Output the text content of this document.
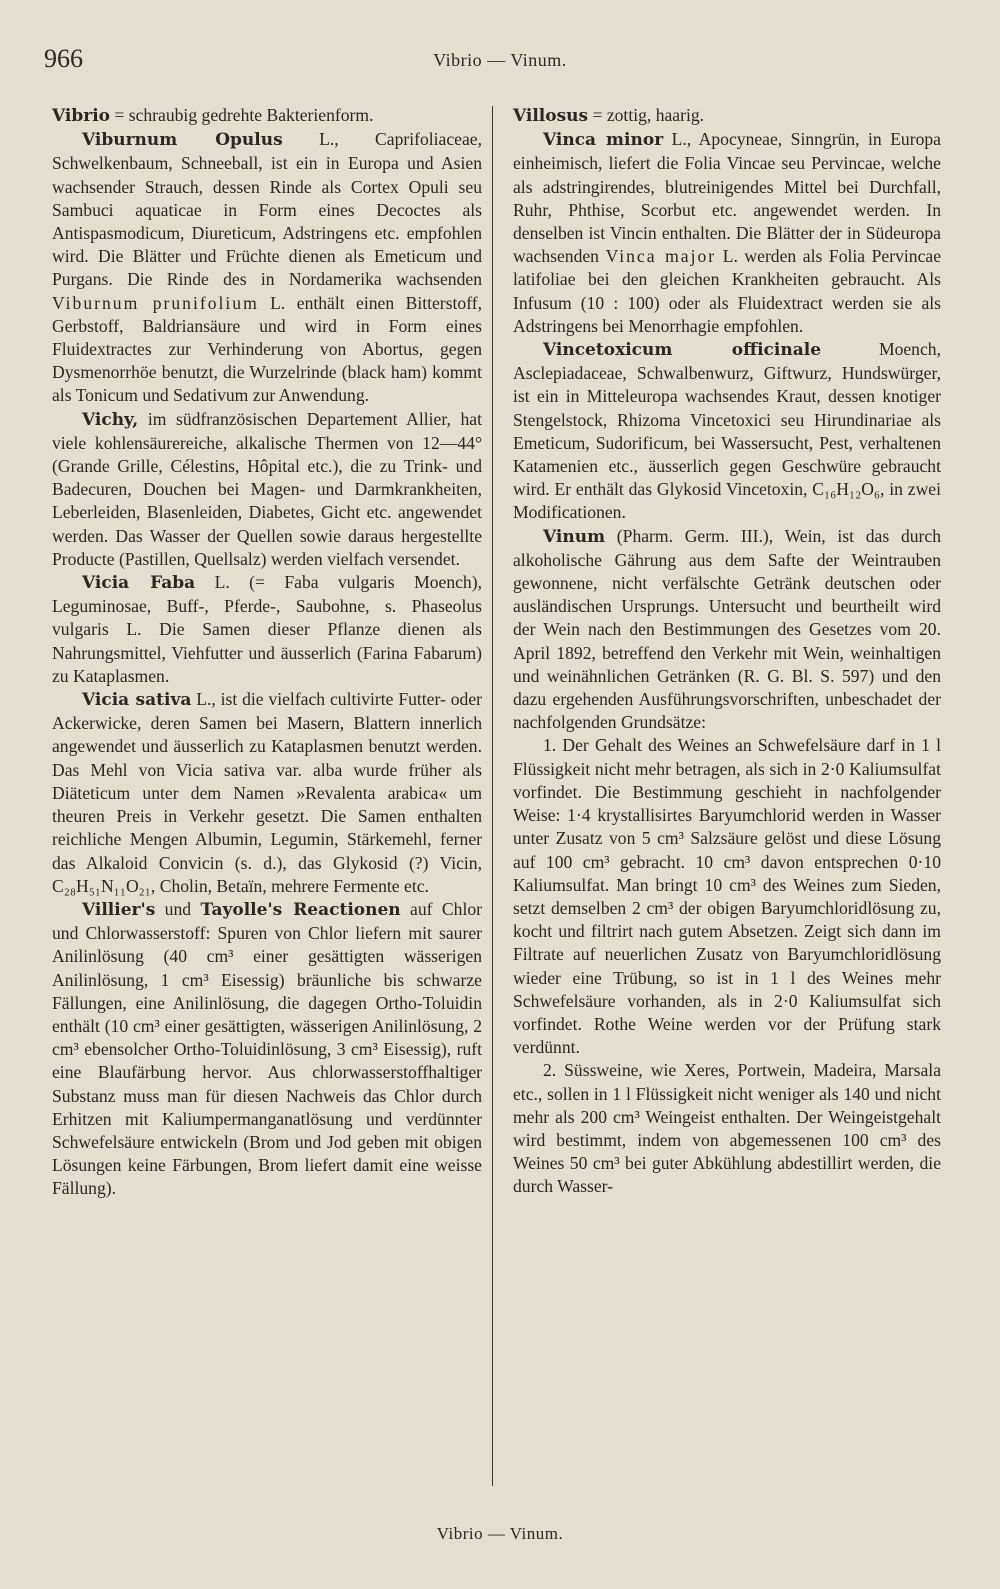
966	Vibrio — Vinum.

Vibrio = schraubig gedrehte Bakterienform.

Viburnum Opulus L., Caprifoliaceae, Schwelkenbaum, Schneeball, ist ein in Europa und Asien wachsender Strauch, dessen Rinde als Cortex Opuli seu Sambuci aquaticae in Form eines Decoctes als Antispasmodicum, Diureticum, Adstringens etc. empfohlen wird. Die Blätter und Früchte dienen als Emeticum und Purgans. Die Rinde des in Nordamerika wachsenden Viburnum prunifolium L. enthält einen Bitterstoff, Gerbstoff, Baldriansäure und wird in Form eines Fluidextractes zur Verhinderung von Abortus, gegen Dysmenorrhöe benutzt, die Wurzelrinde (black ham) kommt als Tonicum und Sedativum zur Anwendung.

Vichy, im südfranzösischen Departement Allier, hat viele kohlensäurereiche, alkalische Thermen von 12—44° (Grande Grille, Célestins, Hôpital etc.), die zu Trink- und Badecuren, Douchen bei Magen- und Darmkrankheiten, Leberleiden, Blasenleiden, Diabetes, Gicht etc. angewendet werden. Das Wasser der Quellen sowie daraus hergestellte Producte (Pastillen, Quellsalz) werden vielfach versendet.

Vicia Faba L. (= Faba vulgaris Moench), Leguminosae, Buff-, Pferde-, Saubohne, s. Phaseolus vulgaris L. Die Samen dieser Pflanze dienen als Nahrungsmittel, Viehfutter und äusserlich (Farina Fabarum) zu Kataplasmen.

Vicia sativa L., ist die vielfach cultivirte Futter- oder Ackerwicke, deren Samen bei Masern, Blattern innerlich angewendet und äusserlich zu Kataplasmen benutzt werden. Das Mehl von Vicia sativa var. alba wurde früher als Diäteticum unter dem Namen »Revalenta arabica« um theuren Preis in Verkehr gesetzt. Die Samen enthalten reichliche Mengen Albumin, Legumin, Stärkemehl, ferner das Alkaloid Convicin (s. d.), das Glykosid (?) Vicin, C₂₈H₅₁N₁₁O₂₁, Cholin, Betaïn, mehrere Fermente etc.

Villier's und Tayolle's Reactionen auf Chlor und Chlorwasserstoff: Spuren von Chlor liefern mit saurer Anilinlösung (40 cm³ einer gesättigten wässerigen Anilinlösung, 1 cm³ Eisessig) bräunliche bis schwarze Fällungen, eine Anilinlösung, die dagegen Ortho-Toluidin enthält (10 cm³ einer gesättigten, wässerigen Anilinlösung, 2 cm³ ebensolcher Ortho-Toluidinlösung, 3 cm³ Eisessig), ruft eine Blaufärbung hervor. Aus chlorwasserstoffhaltiger Substanz muss man für diesen Nachweis das Chlor durch Erhitzen mit Kaliumpermanganatlösung und verdünnter Schwefelsäure entwickeln (Brom und Jod geben mit obigen Lösungen keine Färbungen, Brom liefert damit eine weisse Fällung).

Villosus = zottig, haarig.

Vinca minor L., Apocyneae, Sinngrün, in Europa einheimisch, liefert die Folia Vincae seu Pervincae, welche als adstringirendes, blutreinigendes Mittel bei Durchfall, Ruhr, Phthise, Scorbut etc. angewendet werden. In denselben ist Vincin enthalten. Die Blätter der in Südeuropa wachsenden Vinca major L. werden als Folia Pervincae latifoliae bei den gleichen Krankheiten gebraucht. Als Infusum (10 : 100) oder als Fluidextract werden sie als Adstringens bei Menorrhagie empfohlen.

Vincetoxicum officinale Moench, Asclepiadaceae, Schwalbenwurz, Giftwurz, Hundswürger, ist ein in Mitteleuropa wachsendes Kraut, dessen knotiger Stengelstock, Rhizoma Vincetoxici seu Hirundinariae als Emeticum, Sudorificum, bei Wassersucht, Pest, verhaltenen Katamenien etc., äusserlich gegen Geschwüre gebraucht wird. Er enthält das Glykosid Vincetoxin, C₁₆H₁₂O₆, in zwei Modificationen.

Vinum (Pharm. Germ. III.), Wein, ist das durch alkoholische Gährung aus dem Safte der Weintrauben gewonnene, nicht verfälschte Getränk deutschen oder ausländischen Ursprungs. Untersucht und beurtheilt wird der Wein nach den Bestimmungen des Gesetzes vom 20. April 1892, betreffend den Verkehr mit Wein, weinhaltigen und weinähnlichen Getränken (R. G. Bl. S. 597) und den dazu ergehenden Ausführungsvorschriften, unbeschadet der nachfolgenden Grundsätze:

1. Der Gehalt des Weines an Schwefelsäure darf in 1 l Flüssigkeit nicht mehr betragen, als sich in 2·0 Kaliumsulfat vorfindet. Die Bestimmung geschieht in nachfolgender Weise: 1·4 krystallisirtes Baryumchlorid werden in Wasser unter Zusatz von 5 cm³ Salzsäure gelöst und diese Lösung auf 100 cm³ gebracht. 10 cm³ davon entsprechen 0·10 Kaliumsulfat. Man bringt 10 cm³ des Weines zum Sieden, setzt demselben 2 cm³ der obigen Baryumchloridlösung zu, kocht und filtrirt nach gutem Absetzen. Zeigt sich dann im Filtrate auf neuerlichen Zusatz von Baryumchloridlösung wieder eine Trübung, so ist in 1 l des Weines mehr Schwefelsäure vorhanden, als in 2·0 Kaliumsulfat sich vorfindet. Rothe Weine werden vor der Prüfung stark verdünnt.

2. Süssweine, wie Xeres, Portwein, Madeira, Marsala etc., sollen in 1 l Flüssigkeit nicht weniger als 140 und nicht mehr als 200 cm³ Weingeist enthalten. Der Weingeistgehalt wird bestimmt, indem von abgemessenen 100 cm³ des Weines 50 cm³ bei guter Abkühlung abdestillirt werden, die durch Wasser-

Vibrio — Vinum.
